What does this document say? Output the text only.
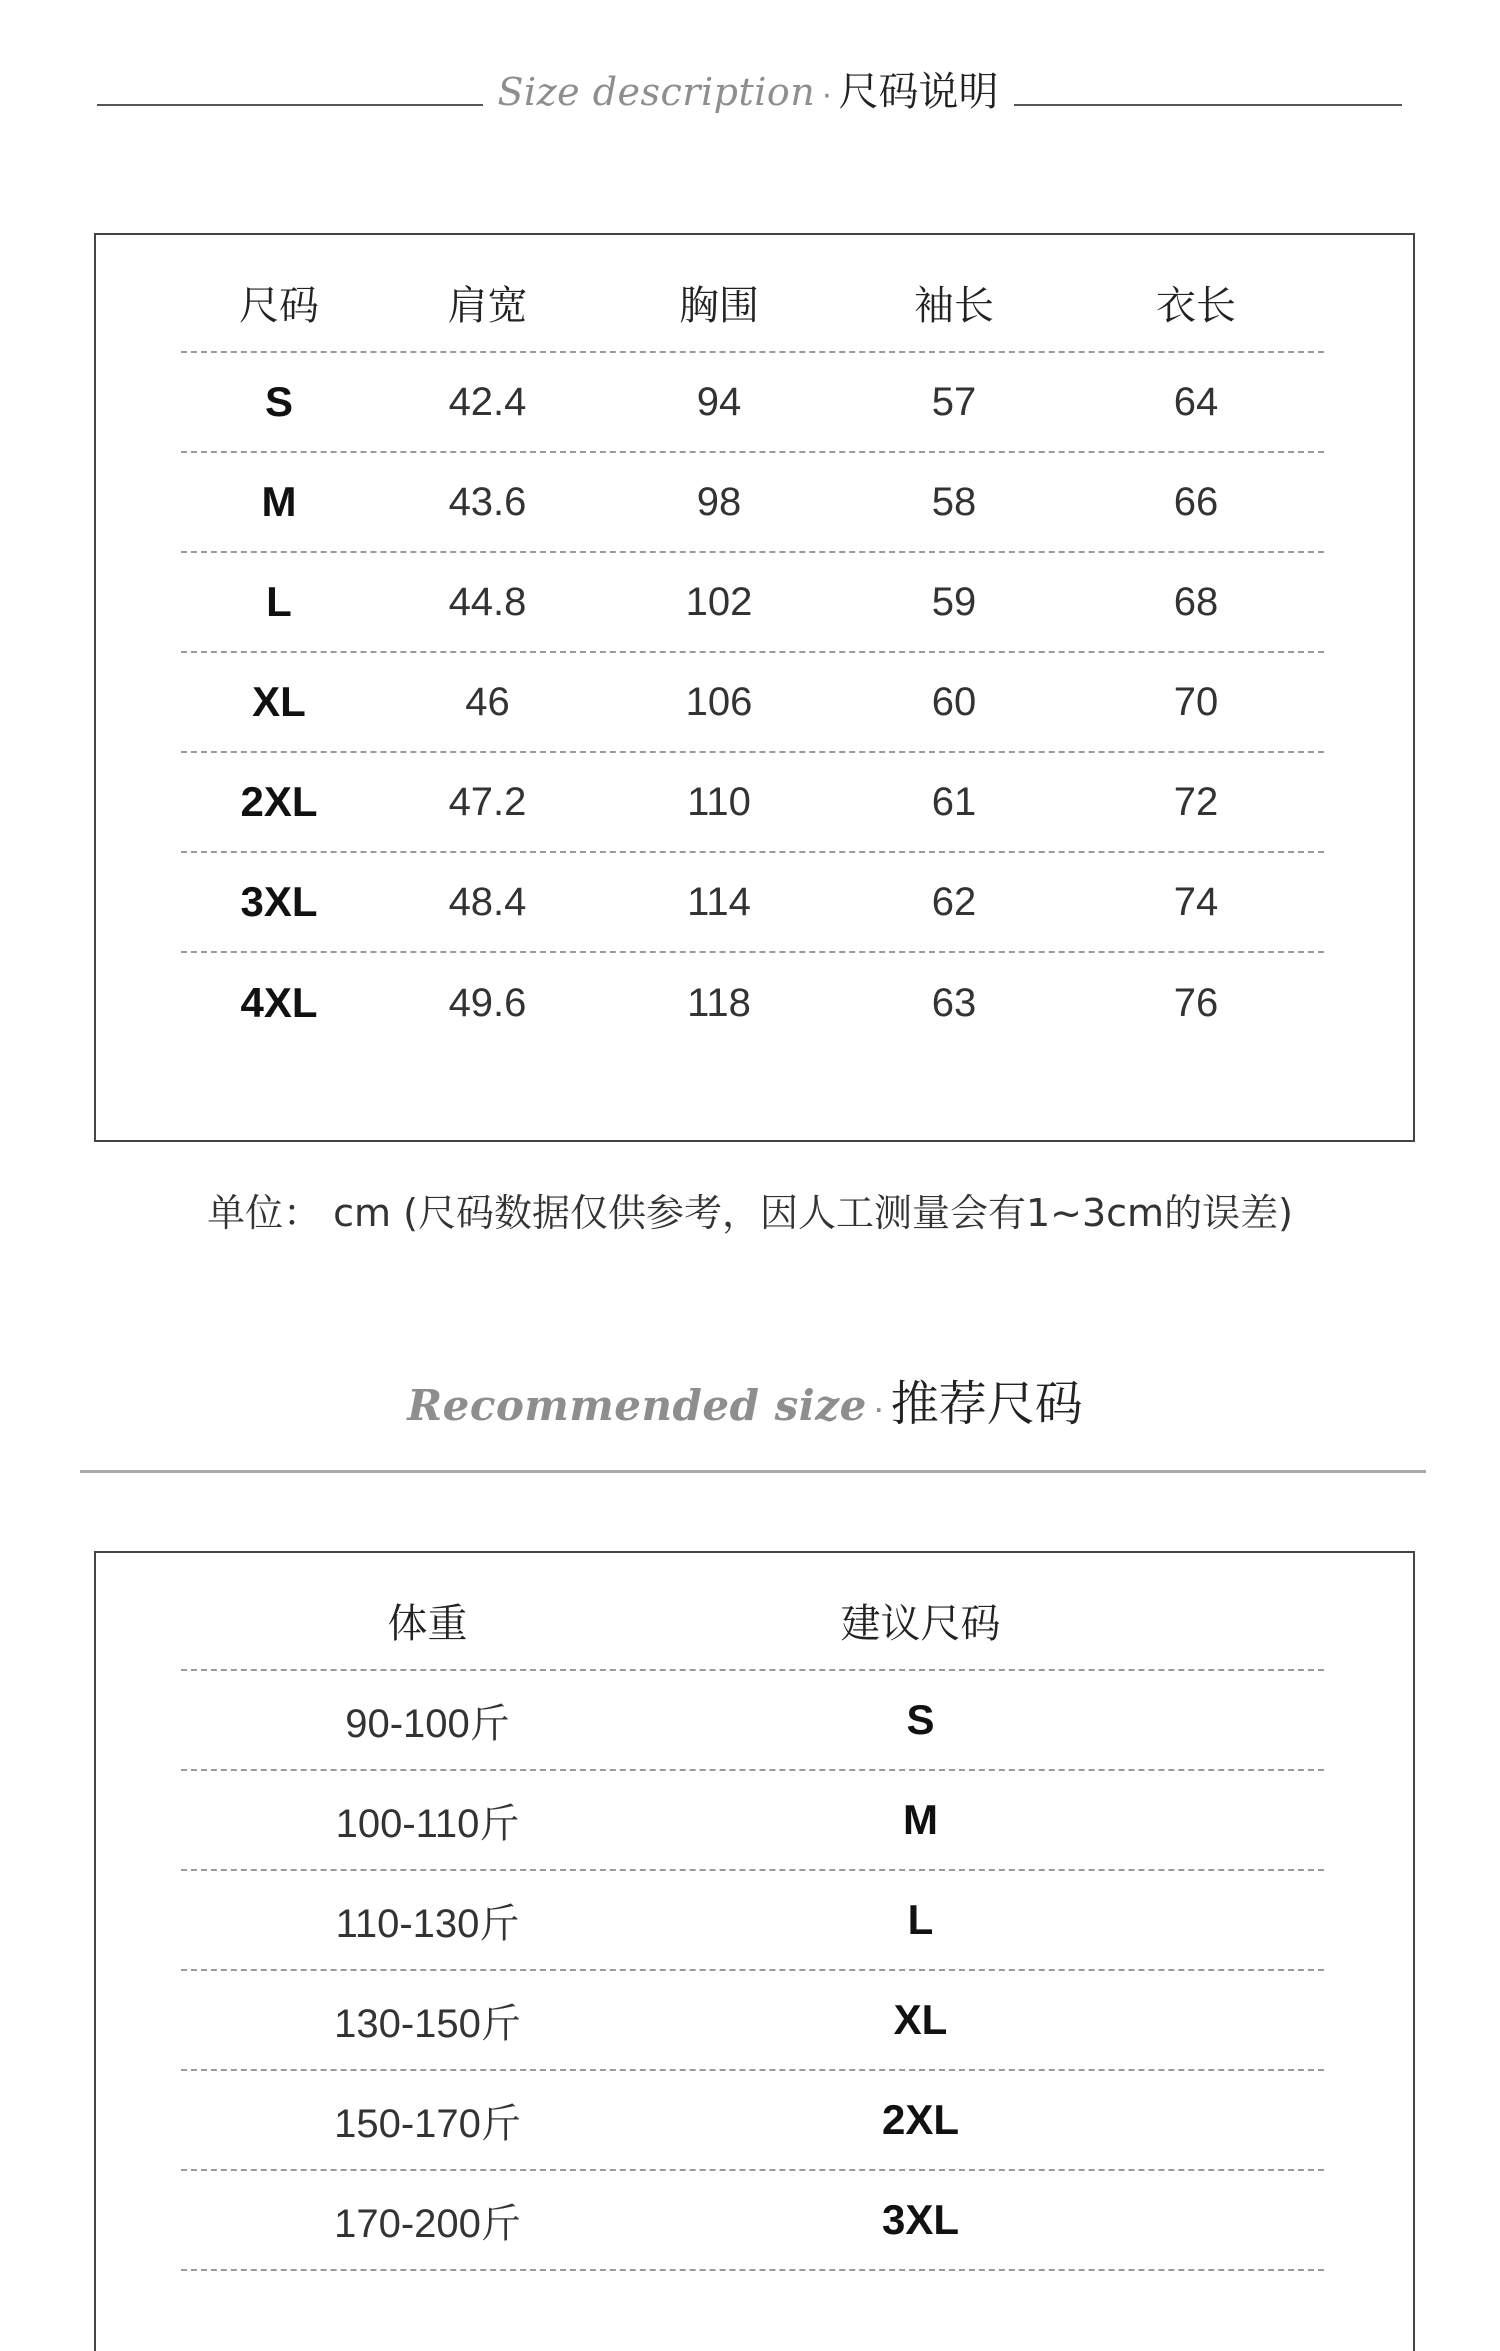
Size description · 尺码说明
尺码	肩宽	胸围	袖长	衣长
S	42.4	94	57	64
M	43.6	98	58	66
L	44.8	102	59	68
XL	46	106	60	70
2XL	47.2	110	61	72
3XL	48.4	114	62	74
4XL	49.6	118	63	76
单位： cm (尺码数据仅供参考，因人工测量会有1~3cm的误差)
Recommended size · 推荐尺码
体重	建议尺码
90-100斤	S
100-110斤	M
110-130斤	L
130-150斤	XL
150-170斤	2XL
170-200斤	3XL
